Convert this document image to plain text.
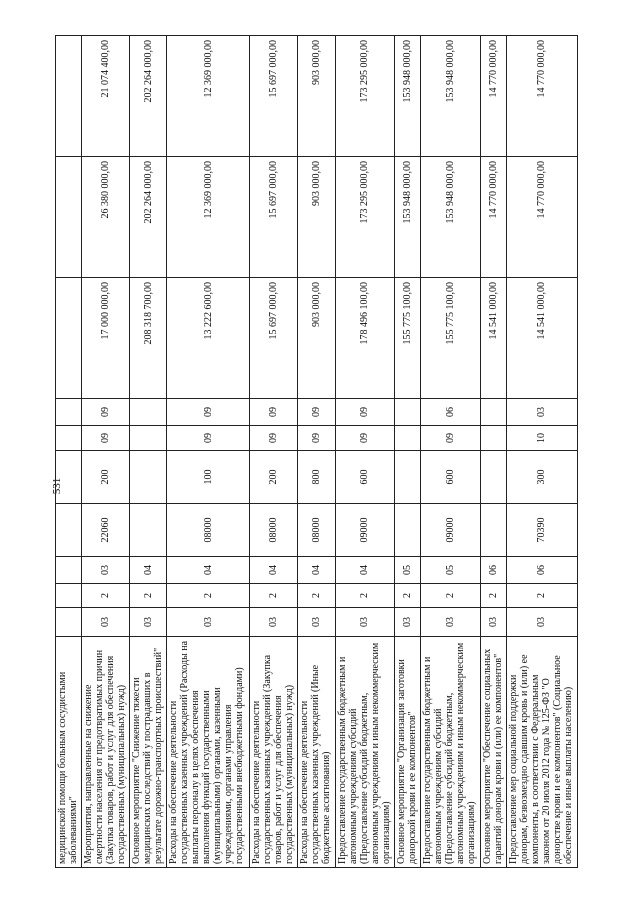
531
медицинской помощи больным сосудистыми заболеваниями"										
Мероприятия, направленные на снижение смертности населения от предотвратимых причин (Закупка товаров, работ и услуг для обеспечения государственных (муниципальных) нужд)	03	2	03	22060	200	09	09	17 000 000,00	26 380 000,00	21 074 400,00
Основное мероприятие "Снижение тяжести медицинских последствий у пострадавших в результате дорожно-транспортных происшествий"	03	2	04					208 318 700,00	202 264 000,00	202 264 000,00
Расходы на обеспечение деятельности государственных казенных учреждений (Расходы на выплаты персоналу в целях обеспечения выполнения функций государственными (муниципальными) органами, казенными учреждениями, органами управления государственными внебюджетными фондами)	03	2	04	08000	100	09	09	13 222 600,00	12 369 000,00	12 369 000,00
Расходы на обеспечение деятельности государственных казенных учреждений (Закупка товаров, работ и услуг для обеспечения государственных (муниципальных) нужд)	03	2	04	08000	200	09	09	15 697 000,00	15 697 000,00	15 697 000,00
Расходы на обеспечение деятельности государственных казенных учреждений (Иные бюджетные ассигнования)	03	2	04	08000	800	09	09	903 000,00	903 000,00	903 000,00
Предоставление государственным бюджетным и автономным учреждениям субсидий (Предоставление субсидий бюджетным, автономным учреждениям и иным некоммерческим организациям)	03	2	04	09000	600	09	09	178 496 100,00	173 295 000,00	173 295 000,00
Основное мероприятие "Организация заготовки донорской крови и ее компонентов"	03	2	05					155 775 100,00	153 948 000,00	153 948 000,00
Предоставление государственным бюджетным и автономным учреждениям субсидий (Предоставление субсидий бюджетным, автономным учреждениям и иным некоммерческим организациям)	03	2	05	09000	600	09	06	155 775 100,00	153 948 000,00	153 948 000,00
Основное мероприятие "Обеспечение социальных гарантий донорам крови и (или) ее компонентов"	03	2	06					14 541 000,00	14 770 000,00	14 770 000,00
Предоставление мер социальной поддержки донорам, безвозмездно сдавшим кровь и (или) ее компоненты, в соответствии с Федеральным законом от 20 июля 2012 года № 125-ФЗ "О донорстве крови и ее компонентов" (Социальное обеспечение и иные выплаты населению)	03	2	06	70390	300	10	03	14 541 000,00	14 770 000,00	14 770 000,00
